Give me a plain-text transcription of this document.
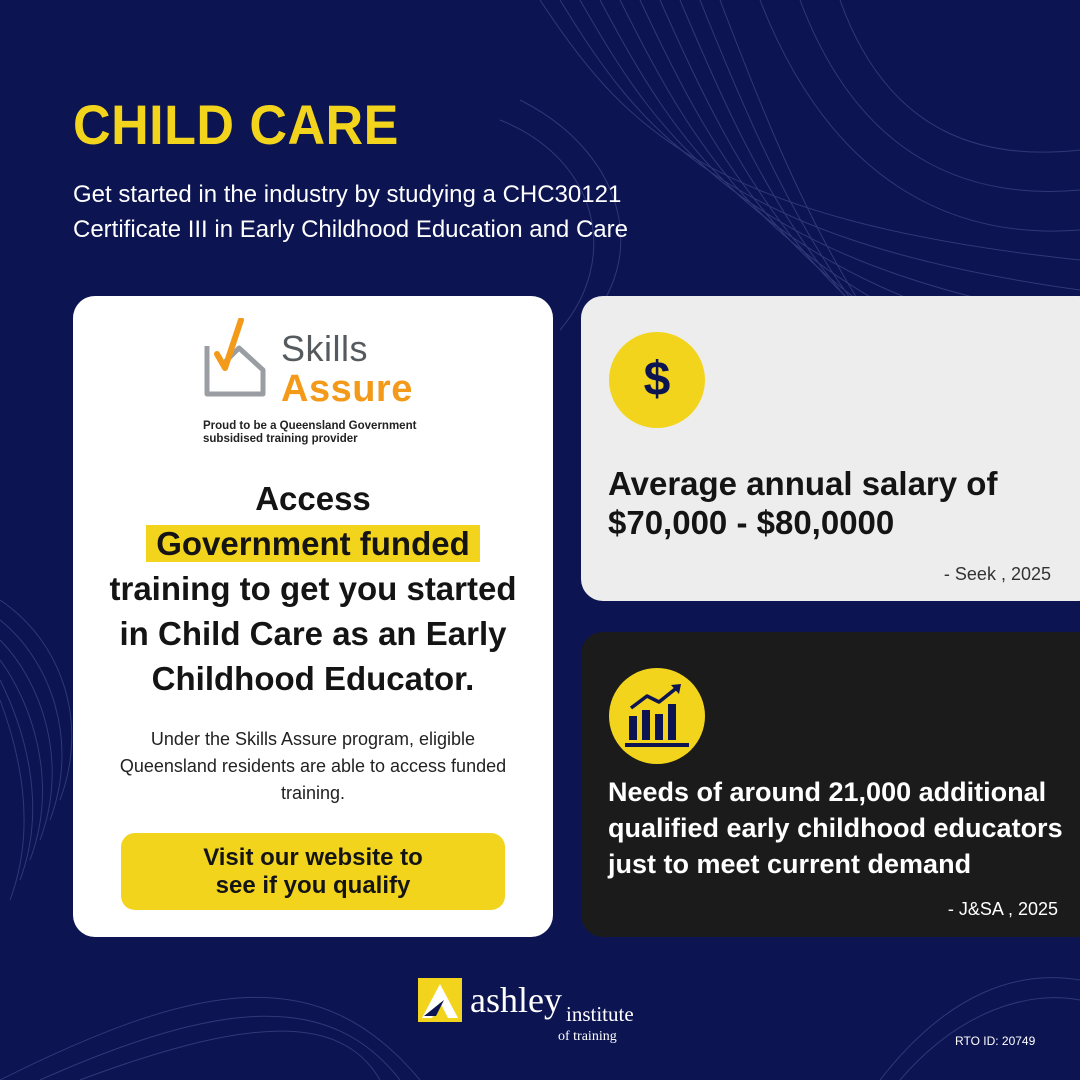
CHILD CARE

Get started in the industry by studying a CHC30121
Certificate III in Early Childhood Education and Care

Skills
Assure
Proud to be a Queensland Government
subsidised training provider
Access
Government funded
training to get you started in Child Care as an Early Childhood Educator.

Under the Skills Assure program, eligible Queensland residents are able to access funded training.

Visit our website to see if you qualify
$

Average annual salary of $70,000 - $80,0000

- Seek , 2025

Needs of around 21,000 additional qualified early childhood educators just to meet current demand

- J&SA , 2025

ashley institute
of training	RTO ID: 20749
